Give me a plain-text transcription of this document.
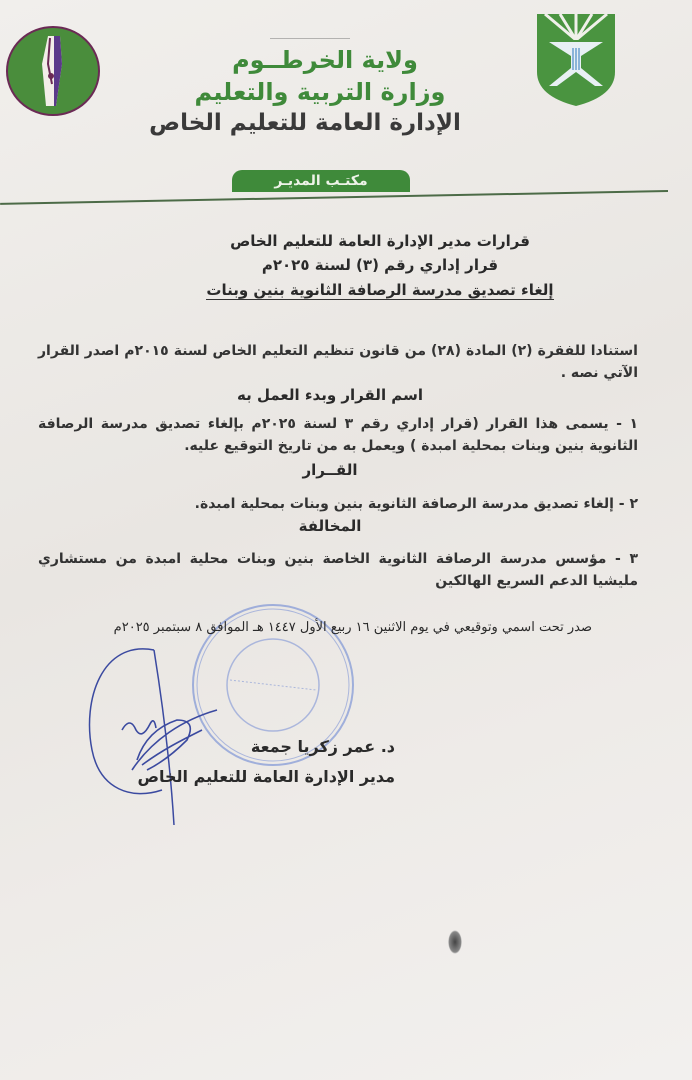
ولاية الخرطــوم
وزارة التربية والتعليم
الإدارة العامة للتعليم الخاص
مكتـب المديـر
قرارات مدير الإدارة العامة للتعليم الخاص
قرار إداري رقم (٣) لسنة ٢٠٢٥م
إلغاء تصديق مدرسة الرصافة الثانوية بنين وبنات
استنادا للفقرة (٢) المادة (٢٨) من قانون تنظيم التعليم الخاص لسنة ٢٠١٥م اصدر القرار الآتي نصه .
اسم القرار وبدء العمل به
١ - يسمى هذا القرار (قرار إداري رقم ٣ لسنة ٢٠٢٥م بإلغاء تصديق مدرسة الرصافة الثانوية بنين وبنات بمحلية امبدة ) ويعمل به من تاريخ التوقيع عليه.
القــرار
٢ - إلغاء تصديق مدرسة الرصافة الثانوية بنين وبنات بمحلية امبدة.
المخالفة
٣ - مؤسس مدرسة الرصافة الثانوية الخاصة بنين وبنات محلية امبدة من مستشاري مليشيا الدعم السريع الهالكين
صدر تحت اسمي وتوقيعي في يوم الاثنين ١٦ ربيع الأول ١٤٤٧ هـ الموافق ٨ سبتمبر ٢٠٢٥م
د. عمر زكريا جمعة
مدير الإدارة العامة للتعليم الخاص
